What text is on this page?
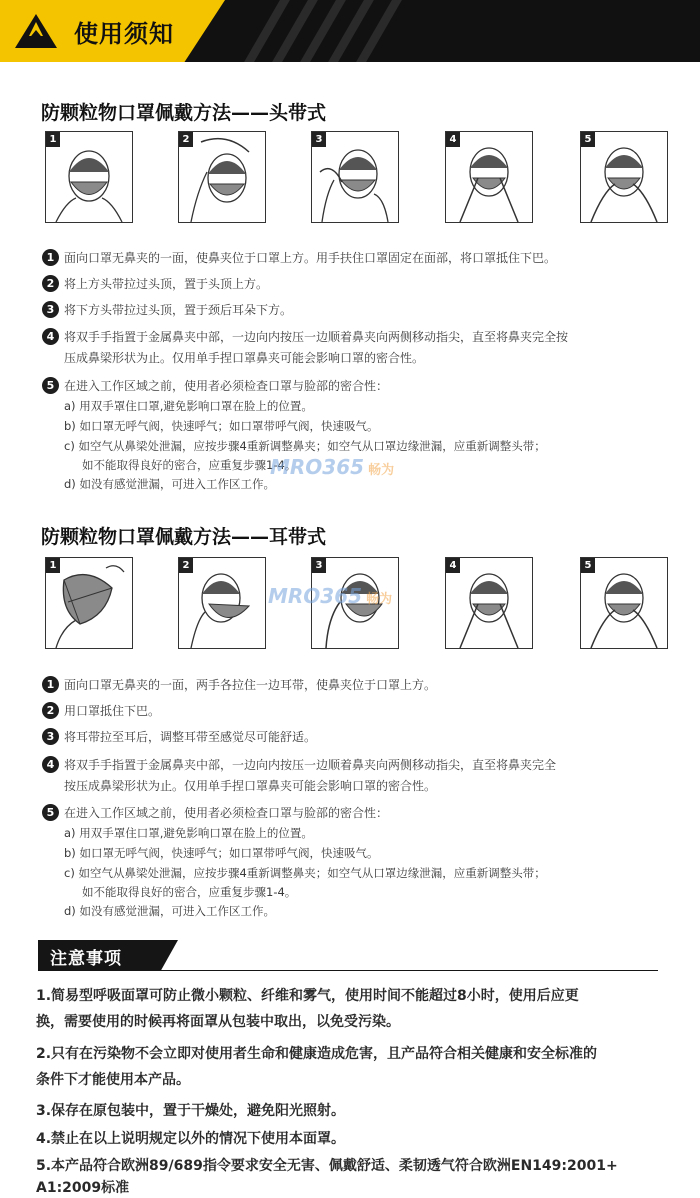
使用须知
防颗粒物口罩佩戴方法——头带式
1	2	3	4	5
1 面向口罩无鼻夹的一面，使鼻夹位于口罩上方。用手扶住口罩固定在面部，将口罩抵住下巴。
2 将上方头带拉过头顶，置于头顶上方。
3 将下方头带拉过头顶，置于颈后耳朵下方。
4 将双手手指置于金属鼻夹中部，一边向内按压一边顺着鼻夹向两侧移动指尖，直至将鼻夹完全按
压成鼻梁形状为止。仅用单手捏口罩鼻夹可能会影响口罩的密合性。
5 在进入工作区域之前，使用者必须检查口罩与脸部的密合性：
a) 用双手罩住口罩,避免影响口罩在脸上的位置。
b) 如口罩无呼气阀，快速呼气；如口罩带呼气阀，快速吸气。
c) 如空气从鼻梁处泄漏，应按步骤4重新调整鼻夹；如空气从口罩边缘泄漏，应重新调整头带；
如不能取得良好的密合，应重复步骤1-4。
d) 如没有感觉泄漏，可进入工作区工作。
MRO365 畅为
防颗粒物口罩佩戴方法——耳带式
1	2	3	4	5
MRO365 畅为
1 面向口罩无鼻夹的一面，两手各拉住一边耳带，使鼻夹位于口罩上方。
2 用口罩抵住下巴。
3 将耳带拉至耳后，调整耳带至感觉尽可能舒适。
4 将双手手指置于金属鼻夹中部，一边向内按压一边顺着鼻夹向两侧移动指尖，直至将鼻夹完全
按压成鼻梁形状为止。仅用单手捏口罩鼻夹可能会影响口罩的密合性。
5 在进入工作区域之前，使用者必须检查口罩与脸部的密合性：
a) 用双手罩住口罩,避免影响口罩在脸上的位置。
b) 如口罩无呼气阀，快速呼气；如口罩带呼气阀，快速吸气。
c) 如空气从鼻梁处泄漏，应按步骤4重新调整鼻夹；如空气从口罩边缘泄漏，应重新调整头带；
如不能取得良好的密合，应重复步骤1-4。
d) 如没有感觉泄漏，可进入工作区工作。
注意事项
1.简易型呼吸面罩可防止微小颗粒、纤维和雾气，使用时间不能超过8小时，使用后应更
换，需要使用的时候再将面罩从包装中取出，以免受污染。
2.只有在污染物不会立即对使用者生命和健康造成危害，且产品符合相关健康和安全标准的
条件下才能使用本产品。
3.保存在原包装中，置于干燥处，避免阳光照射。
4.禁止在以上说明规定以外的情况下使用本面罩。
5.本产品符合欧洲89/689指令要求安全无害、佩戴舒适、柔韧透气符合欧洲EN149:2001+
A1:2009标准
